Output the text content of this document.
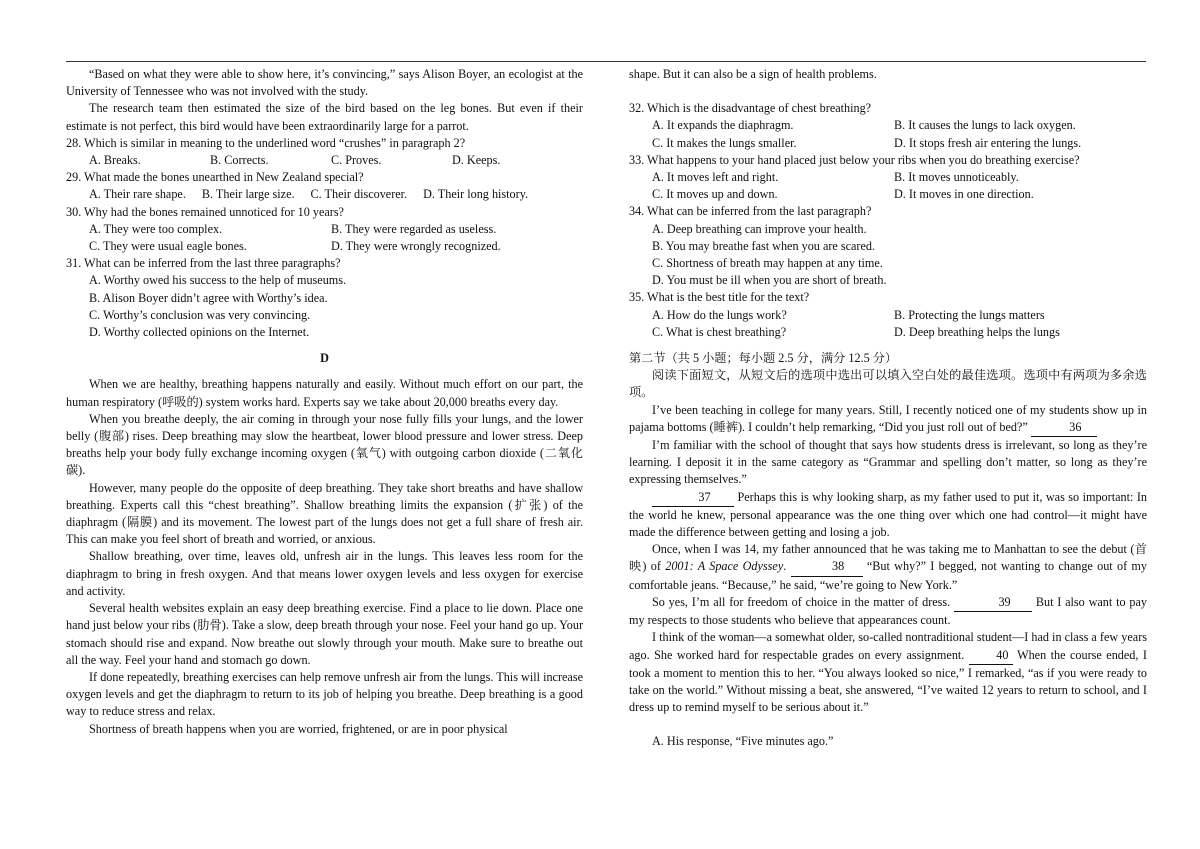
“Based on what they were able to show here, it’s convincing,” says Alison Boyer, an ecologist at the University of Tennessee who was not involved with the study.

The research team then estimated the size of the bird based on the leg bones. But even if their estimate is not perfect, this bird would have been extraordinarily large for a parrot.

28. Which is similar in meaning to the underlined word “crushes” in paragraph 2?

A. Breaks.	B. Corrects.	C. Proves.	D. Keeps.

29. What made the bones unearthed in New Zealand special?

A. Their rare shape. B. Their large size. C. Their discoverer. D. Their long history.

30. Why had the bones remained unnoticed for 10 years?

A. They were too complex.	B. They were regarded as useless.
C. They were usual eagle bones.	D. They were wrongly recognized.

31. What can be inferred from the last three paragraphs?

A. Worthy owed his success to the help of museums.
B. Alison Boyer didn’t agree with Worthy’s idea.
C. Worthy’s conclusion was very convincing.
D. Worthy collected opinions on the Internet.

D

When we are healthy, breathing happens naturally and easily. Without much effort on our part, the human respiratory (呼吸的) system works hard. Experts say we take about 20,000 breaths every day.

When you breathe deeply, the air coming in through your nose fully fills your lungs, and the lower belly (腹部) rises. Deep breathing may slow the heartbeat, lower blood pressure and lower stress. Deep breaths help your body fully exchange incoming oxygen (氧气) with outgoing carbon dioxide (二氧化碳).

However, many people do the opposite of deep breathing. They take short breaths and have shallow breathing. Experts call this “chest breathing”. Shallow breathing limits the expansion (扩张) of the diaphragm (隔膜) and its movement. The lowest part of the lungs does not get a full share of fresh air. This can make you feel short of breath and worried, or anxious.

Shallow breathing, over time, leaves old, unfresh air in the lungs. This leaves less room for the diaphragm to bring in fresh oxygen. And that means lower oxygen levels and less oxygen for exercise and activity.

Several health websites explain an easy deep breathing exercise. Find a place to lie down. Place one hand just below your ribs (肋骨). Take a slow, deep breath through your nose. Feel your hand go up. Your stomach should rise and expand. Now breathe out slowly through your mouth. Make sure to breathe out all the way. Feel your hand and stomach go down.

If done repeatedly, breathing exercises can help remove unfresh air from the lungs. This will increase oxygen levels and get the diaphragm to return to its job of helping you breathe. Deep breathing is a good way to reduce stress and relax.

Shortness of breath happens when you are worried, frightened, or are in poor physical

shape. But it can also be a sign of health problems.

32. Which is the disadvantage of chest breathing?

A. It expands the diaphragm.	B. It causes the lungs to lack oxygen.
C. It makes the lungs smaller.	D. It stops fresh air entering the lungs.

33. What happens to your hand placed just below your ribs when you do breathing exercise?

A. It moves left and right.	B. It moves unnoticeably.
C. It moves up and down.	D. It moves in one direction.

34. What can be inferred from the last paragraph?

A. Deep breathing can improve your health.
B. You may breathe fast when you are scared.
C. Shortness of breath may happen at any time.
D. You must be ill when you are short of breath.

35. What is the best title for the text?

A. How do the lungs work?	B. Protecting the lungs matters
C. What is chest breathing?	D. Deep breathing helps the lungs

第二节（共 5 小题；每小题 2.5 分，满分 12.5 分）

阅读下面短文，从短文后的选项中选出可以填入空白处的最佳选项。选项中有两项为多余选项。

I’ve been teaching in college for many years. Still, I recently noticed one of my students show up in pajama bottoms (睡裤). I couldn’t help remarking, “Did you just roll out of bed?”	36

I’m familiar with the school of thought that says how students dress is irrelevant, so long as they’re learning. I deposit it in the same category as “Grammar and spelling don’t matter, so long as they’re expressing themselves.”

37 Perhaps this is why looking sharp, as my father used to put it, was so important: In the world he knew, personal appearance was the one thing over which one had control—it might have made the difference between getting and losing a job.

Once, when I was 14, my father announced that he was taking me to Manhattan to see the debut (首映) of 2001: A Space Odyssey.	38 “But why?” I begged, not wanting to change out of my comfortable jeans. “Because,” he said, “we’re going to New York.”

So yes, I’m all for freedom of choice in the matter of dress.	39 But I also want to pay my respects to those students who believe that appearances count.

I think of the woman—a somewhat older, so-called nontraditional student—I had in class a few years ago. She worked hard for respectable grades on every assignment. 40 When the course ended, I took a moment to mention this to her. “You always looked so nice,” I remarked, “as if you were ready to take on the world.” Without missing a beat, she answered, “I’ve waited 12 years to return to school, and I dress up to remind myself to be serious about it.”

A. His response, “Five minutes ago.”
